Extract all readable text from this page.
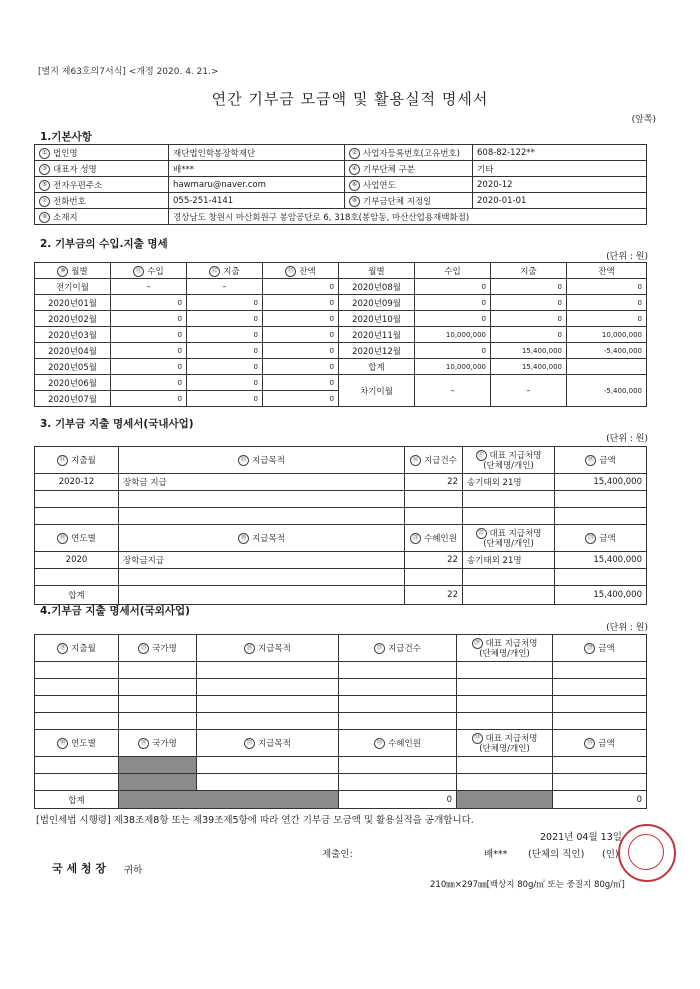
[별지 제63호의7서식] <개정 2020. 4. 21.>
연간 기부금 모금액 및 활용실적 명세서
(앞쪽)
1.기본사항
① 법인명	재단법인학봉장학재단	② 사업자등록번호(고유번호)	608-82-122**
③ 대표자 성명	배***	④ 기부단체 구분	기타
⑤ 전자우편주소	hawmaru@naver.com	⑥ 사업연도	2020-12
⑦ 전화번호	055-251-4141	⑧ 기부금단체 지정일	2020-01-01
⑨ 소재지	경상남도 창원시 마산회원구 봉암공단로 6, 318호(봉암동, 마산산업용재백화점)		
2. 기부금의 수입.지출 명세
(단위 : 원)
⑩ 월별	⑪ 수입	⑫ 지출	⑬ 잔액	월별	수입	지출	잔액
전기이월	–	–	0	2020년08월	0	0	0
2020년01월	0	0	0	2020년09월	0	0	0
2020년02월	0	0	0	2020년10월	0	0	0
2020년03월	0	0	0	2020년11월	10,000,000	0	10,000,000
2020년04월	0	0	0	2020년12월	0	15,400,000	-5,400,000
2020년05월	0	0	0	합계	10,000,000	15,400,000	
2020년06월	0	0	0	차기이월	–	–	-5,400,000
2020년07월	0	0	0				
3. 기부금 지출 명세서(국내사업)
(단위 : 원)
⑭ 지출월	⑮ 지급목적	⑯ 지급건수	⑰ 대표 지급처명
(단체명/개인)	⑱ 금액
2020-12	장학금 지급	22	송기태외 21명	15,400,000

⑲ 연도별	⑳ 지급목적	㉑ 수혜인원	㉒ 대표 지급처명
(단체명/개인)	㉓ 금액
2020	장학금지급	22	송기태외 21명	15,400,000

합계		22		15,400,000
4.기부금 지출 명세서(국외사업)
(단위 : 원)
㉔ 지출월	㉕ 국가명	㉖ 지급목적	㉗ 지급건수	㉘ 대표 지급처명
(단체명/개인)	㉙ 금액

㉚ 연도별	㉛ 국가명	㉜ 지급목적	㉝ 수혜인원	㉞ 대표 지급처명
(단체명/개인)	㉟ 금액

합계			0		0
[법인세법 시행령] 제38조제8항 또는 제39조제5항에 따라 연간 기부금 모금액 및 활용실적을 공개합니다.
2021년 04월 13일
제출인:	배*** (단체의 직인) (인)
국 세 청 장 귀하
210㎜×297㎜[백상지 80g/㎡ 또는 중질지 80g/㎡]
